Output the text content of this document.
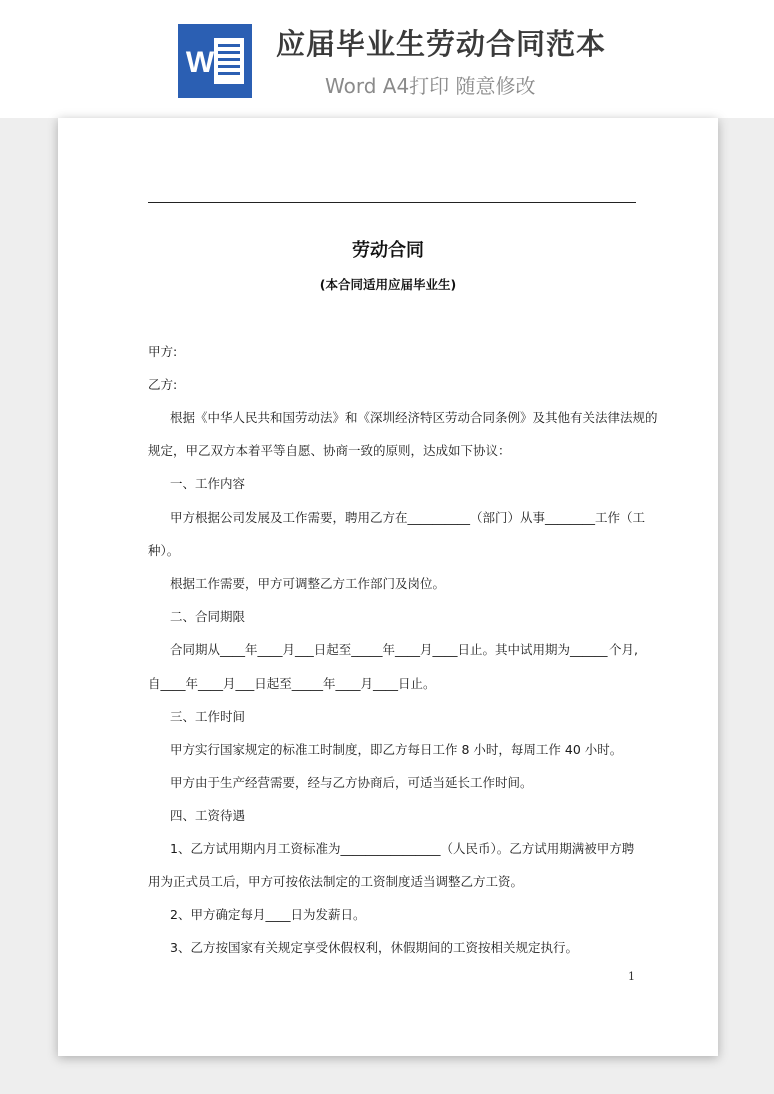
W
应届毕业生劳动合同范本
Word A4打印 随意修改
劳动合同
(本合同适用应届毕业生)
甲方:
乙方:
根据《中华人民共和国劳动法》和《深圳经济特区劳动合同条例》及其他有关法律法规的
规定，甲乙双方本着平等自愿、协商一致的原则，达成如下协议：
一、工作内容
甲方根据公司发展及工作需要，聘用乙方在__________（部门）从事________工作（ 工
种）。
根据工作需要，甲方可调整乙方工作部门及岗位。
二、合同期限
合同期从____年____月___日起至_____年____月____日止。其中试用期为______ 个月,
自____年____月___日起至_____年____月____日止。
三、工作时间
甲方实行国家规定的标准工时制度，即乙方每日工作 8 小时，每周工作 40 小时。
甲方由于生产经营需要，经与乙方协商后，可适当延长工作时间。
四、工资待遇
1、乙方试用期内月工资标准为________________（人民币）。乙方试用期满被甲方聘
用为正式员工后，甲方可按依法制定的工资制度适当调整乙方工资。
2、甲方确定每月____日为发薪日。
3、乙方按国家有关规定享受休假权利，休假期间的工资按相关规定执行。
1
